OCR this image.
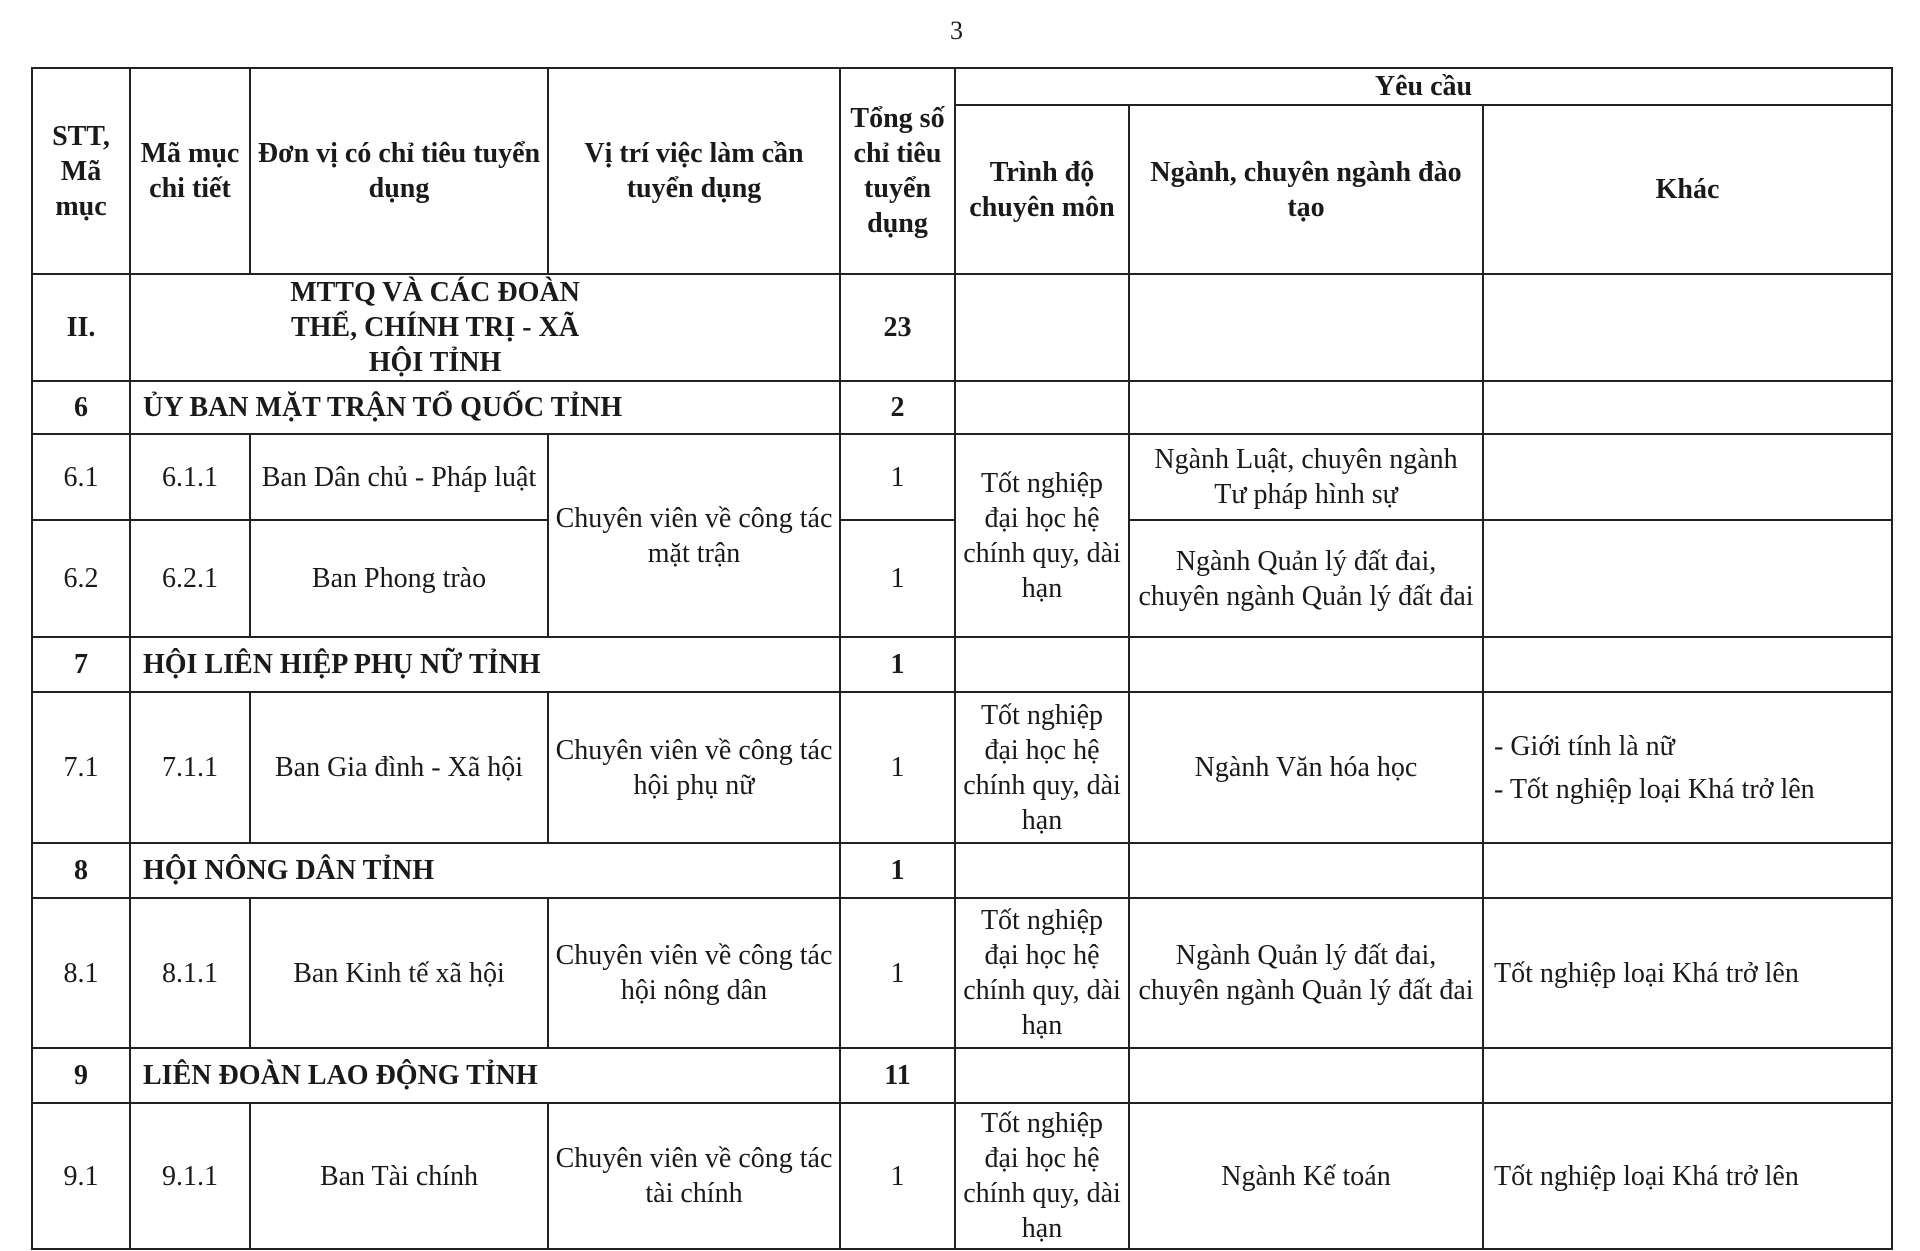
3
STT, Mã mục	Mã mục chi tiết	Đơn vị có chỉ tiêu tuyển dụng	Vị trí việc làm cần tuyển dụng	Tổng số chỉ tiêu tuyển dụng	Yêu cầu		
					Trình độ chuyên môn	Ngành, chuyên ngành đào tạo	Khác
II.	MTTQ VÀ CÁC ĐOÀN THỂ, CHÍNH TRỊ - XÃ HỘI TỈNH			23			
6	ỦY BAN MẶT TRẬN TỔ QUỐC TỈNH			2			
6.1	6.1.1	Ban Dân chủ - Pháp luật	Chuyên viên về công tác mặt trận	1	Tốt nghiệp đại học hệ chính quy, dài hạn	Ngành Luật, chuyên ngành Tư pháp hình sự	
6.2	6.2.1	Ban Phong trào		1		Ngành Quản lý đất đai, chuyên ngành Quản lý đất đai	
7	HỘI LIÊN HIỆP PHỤ NỮ TỈNH			1			
7.1	7.1.1	Ban Gia đình - Xã hội	Chuyên viên về công tác hội phụ nữ	1	Tốt nghiệp đại học hệ chính quy, dài hạn	Ngành Văn hóa học	- Giới tính là nữ
- Tốt nghiệp loại Khá trở lên

8	HỘI NÔNG DÂN TỈNH			1			
8.1	8.1.1	Ban Kinh tế xã hội	Chuyên viên về công tác hội nông dân	1	Tốt nghiệp đại học hệ chính quy, dài hạn	Ngành Quản lý đất đai, chuyên ngành Quản lý đất đai	Tốt nghiệp loại Khá trở lên
9	LIÊN ĐOÀN LAO ĐỘNG TỈNH			11			
9.1	9.1.1	Ban Tài chính	Chuyên viên về công tác tài chính	1	Tốt nghiệp đại học hệ chính quy, dài hạn	Ngành Kế toán	Tốt nghiệp loại Khá trở lên
